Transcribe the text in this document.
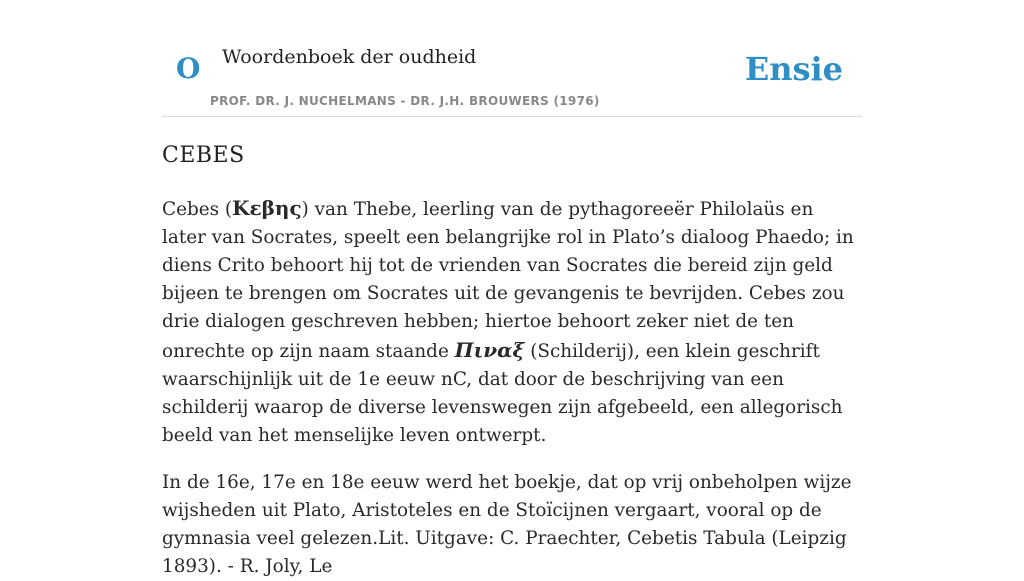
O Woordenboek der oudheid
PROF. DR. J. NUCHELMANS - DR. J.H. BROUWERS (1976)
Ensie
CEBES

Cebes (Κεβης) van Thebe, leerling van de pythagoreeër Philolaüs en later van Socrates, speelt een belangrijke rol in Plato’s dialoog Phaedo; in diens Crito behoort hij tot de vrienden van Socrates die bereid zijn geld bijeen te brengen om Socrates uit de gevangenis te bevrijden. Cebes zou drie dialogen geschreven hebben; hiertoe behoort zeker niet de ten onrechte op zijn naam staande Πιναξ (Schilderij), een klein geschrift waarschijnlijk uit de 1e eeuw nC, dat door de beschrijving van een schilderij waarop de diverse levenswegen zijn afgebeeld, een allegorisch beeld van het menselijke leven ontwerpt.

In de 16e, 17e en 18e eeuw werd het boekje, dat op vrij onbeholpen wijze wijsheden uit Plato, Aristoteles en de Stoïcijnen vergaart, vooral op de gymnasia veel gelezen.Lit. Uitgave: C. Praechter, Cebetis Tabula (Leipzig 1893). - R. Joly, Le
